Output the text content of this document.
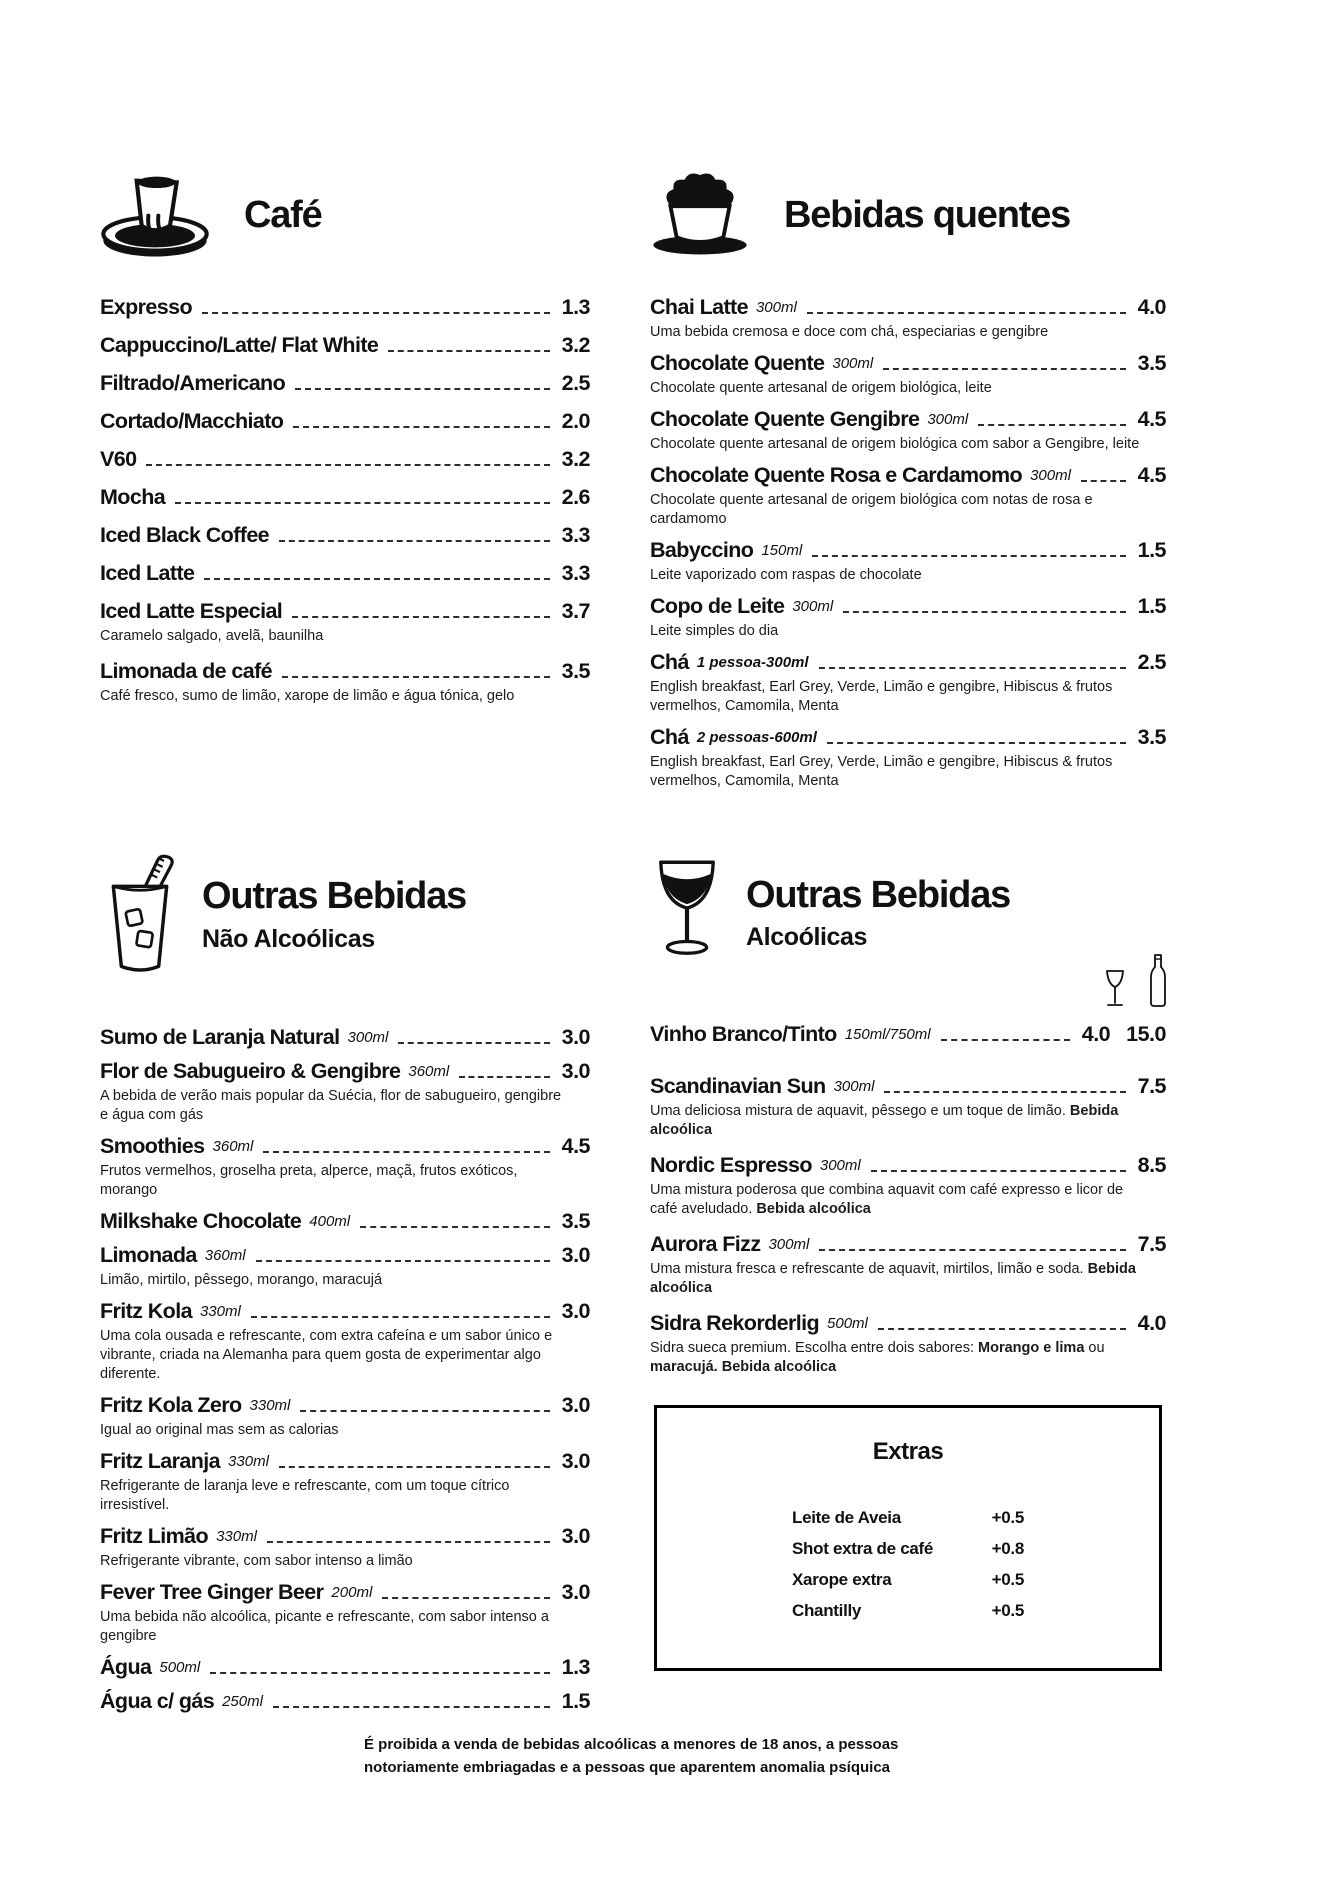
Café
Expresso	1.3
Cappuccino/Latte/ Flat White	3.2
Filtrado/Americano	2.5
Cortado/Macchiato	2.0
V60	3.2
Mocha	2.6
Iced Black Coffee	3.3
Iced Latte	3.3
Iced Latte Especial	3.7
Caramelo salgado, avelã, baunilha
Limonada de café	3.5
Café fresco, sumo de limão, xarope de limão e água tónica, gelo
Bebidas quentes
Chai Latte 300ml	4.0
Uma bebida cremosa e doce com chá, especiarias e gengibre
Chocolate Quente 300ml	3.5
Chocolate quente artesanal de origem biológica, leite
Chocolate Quente Gengibre 300ml	4.5
Chocolate quente artesanal de origem biológica com sabor a Gengibre, leite
Chocolate Quente Rosa e Cardamomo 300ml	4.5
Chocolate quente artesanal de origem biológica com notas de rosa e cardamomo
Babyccino 150ml	1.5
Leite vaporizado com raspas de chocolate
Copo de Leite 300ml	1.5
Leite simples do dia
Chá 1 pessoa-300ml	2.5
English breakfast, Earl Grey, Verde, Limão e gengibre, Hibiscus & frutos vermelhos, Camomila, Menta
Chá 2 pessoas-600ml	3.5
English breakfast, Earl Grey, Verde, Limão e gengibre, Hibiscus & frutos vermelhos, Camomila, Menta
Outras Bebidas
Não Alcoólicas
Sumo de Laranja Natural 300ml	3.0
Flor de Sabugueiro & Gengibre 360ml	3.0
A bebida de verão mais popular da Suécia, flor de sabugueiro, gengibre e água com gás
Smoothies 360ml	4.5
Frutos vermelhos, groselha preta, alperce, maçã, frutos exóticos, morango
Milkshake Chocolate 400ml	3.5
Limonada 360ml	3.0
Limão, mirtilo, pêssego, morango, maracujá
Fritz Kola 330ml	3.0
Uma cola ousada e refrescante, com extra cafeína e um sabor único e vibrante, criada na Alemanha para quem gosta de experimentar algo diferente.
Fritz Kola Zero 330ml	3.0
Igual ao original mas sem as calorias
Fritz Laranja 330ml	3.0
Refrigerante de laranja leve e refrescante, com um toque cítrico irresistível.
Fritz Limão 330ml	3.0
Refrigerante vibrante, com sabor intenso a limão
Fever Tree Ginger Beer 200ml	3.0
Uma bebida não alcoólica, picante e refrescante, com sabor intenso a gengibre
Água 500ml	1.3
Água c/ gás 250ml	1.5
Outras Bebidas
Alcoólicas
Vinho Branco/Tinto 150ml/750ml	4.0 15.0
Scandinavian Sun 300ml	7.5
Uma deliciosa mistura de aquavit, pêssego e um toque de limão. Bebida alcoólica
Nordic Espresso 300ml	8.5
Uma mistura poderosa que combina aquavit com café expresso e licor de café aveludado. Bebida alcoólica
Aurora Fizz 300ml	7.5
Uma mistura fresca e refrescante de aquavit, mirtilos, limão e soda. Bebida alcoólica
Sidra Rekorderlig 500ml	4.0
Sidra sueca premium. Escolha entre dois sabores: Morango e lima ou maracujá. Bebida alcoólica
Extras
Leite de Aveia	+0.5
Shot extra de café	+0.8
Xarope extra	+0.5
Chantilly	+0.5
É proibida a venda de bebidas alcoólicas a menores de 18 anos, a pessoas
notoriamente embriagadas e a pessoas que aparentem anomalia psíquica
